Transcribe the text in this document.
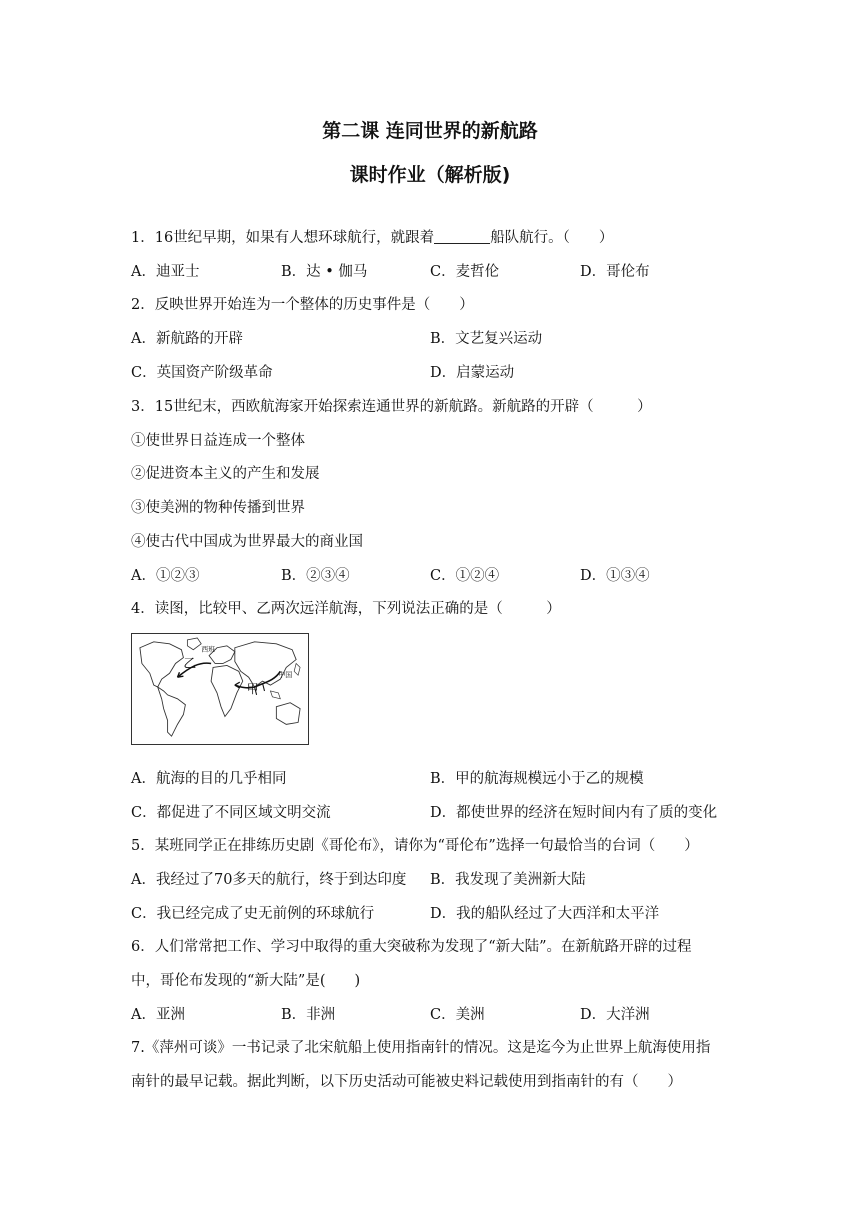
第二课 连同世界的新航路
课时作业（解析版)
1．16世纪早期，如果有人想环球航行，就跟着	船队航行。（　　）
A．迪亚士	B．达 • 伽马	C．麦哲伦	D．哥伦布
2．反映世界开始连为一个整体的历史事件是（　　）
A．新航路的开辟	B．文艺复兴运动
C．英国资产阶级革命	D．启蒙运动
3．15世纪末，西欧航海家开始探索连通世界的新航路。新航路的开辟（　　　）
①使世界日益连成一个整体
②促进资本主义的产生和发展
③使美洲的物种传播到世界
④使古代中国成为世界最大的商业国
A．①②③	B．②③④	C．①②④	D．①③④
4．读图，比较甲、乙两次远洋航海，下列说法正确的是（　　　）
乙
甲
西班
中国
A．航海的目的几乎相同	B．甲的航海规模远小于乙的规模
C．都促进了不同区域文明交流	D．都使世界的经济在短时间内有了质的变化
5．某班同学正在排练历史剧《哥伦布》，请你为“哥伦布”选择一句最恰当的台词（　　）
A．我经过了70多天的航行，终于到达印度 B．我发现了美洲新大陆
C．我已经完成了史无前例的环球航行	D．我的船队经过了大西洋和太平洋
6．人们常常把工作、学习中取得的重大突破称为发现了“新大陆”。在新航路开辟的过程
中，哥伦布发现的“新大陆”是(　　)
A．亚洲	B．非洲	C．美洲	D．大洋洲
7.《萍州可谈》一书记录了北宋航船上使用指南针的情况。这是迄今为止世界上航海使用指
南针的最早记载。据此判断，以下历史活动可能被史料记载使用到指南针的有（　　）
